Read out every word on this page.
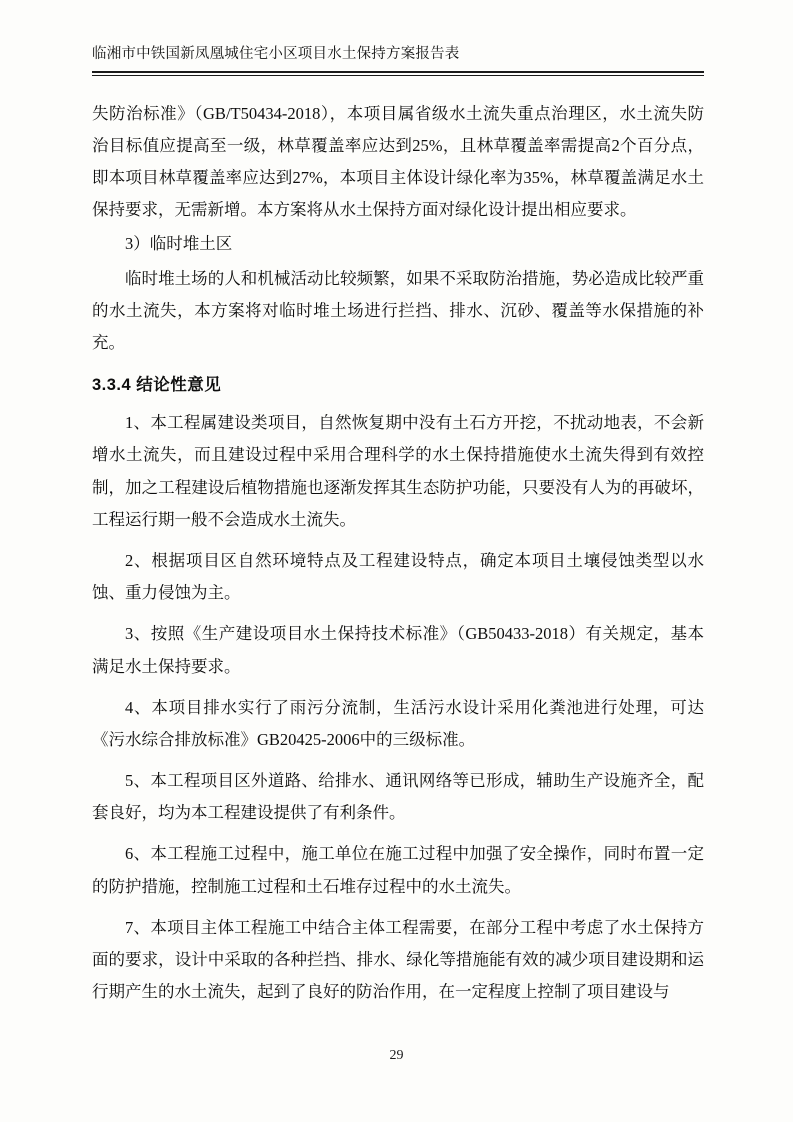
临湘市中铁国新凤凰城住宅小区项目水土保持方案报告表

失防治标准》（GB/T50434-2018），本项目属省级水土流失重点治理区，水土流失防治目标值应提高至一级，林草覆盖率应达到25%，且林草覆盖率需提高2个百分点，即本项目林草覆盖率应达到27%，本项目主体设计绿化率为35%，林草覆盖满足水土保持要求，无需新增。本方案将从水土保持方面对绿化设计提出相应要求。

3）临时堆土区

临时堆土场的人和机械活动比较频繁，如果不采取防治措施，势必造成比较严重的水土流失，本方案将对临时堆土场进行拦挡、排水、沉砂、覆盖等水保措施的补充。

3.3.4 结论性意见

1、本工程属建设类项目，自然恢复期中没有土石方开挖，不扰动地表，不会新增水土流失，而且建设过程中采用合理科学的水土保持措施使水土流失得到有效控制，加之工程建设后植物措施也逐渐发挥其生态防护功能，只要没有人为的再破坏，工程运行期一般不会造成水土流失。

2、根据项目区自然环境特点及工程建设特点，确定本项目土壤侵蚀类型以水蚀、重力侵蚀为主。

3、按照《生产建设项目水土保持技术标准》（GB50433-2018）有关规定，基本满足水土保持要求。

4、本项目排水实行了雨污分流制，生活污水设计采用化粪池进行处理，可达《污水综合排放标准》GB20425-2006中的三级标准。

5、本工程项目区外道路、给排水、通讯网络等已形成，辅助生产设施齐全，配套良好，均为本工程建设提供了有利条件。

6、本工程施工过程中，施工单位在施工过程中加强了安全操作，同时布置一定的防护措施，控制施工过程和土石堆存过程中的水土流失。

7、本项目主体工程施工中结合主体工程需要，在部分工程中考虑了水土保持方面的要求，设计中采取的各种拦挡、排水、绿化等措施能有效的减少项目建设期和运行期产生的水土流失，起到了良好的防治作用，在一定程度上控制了项目建设与

29
